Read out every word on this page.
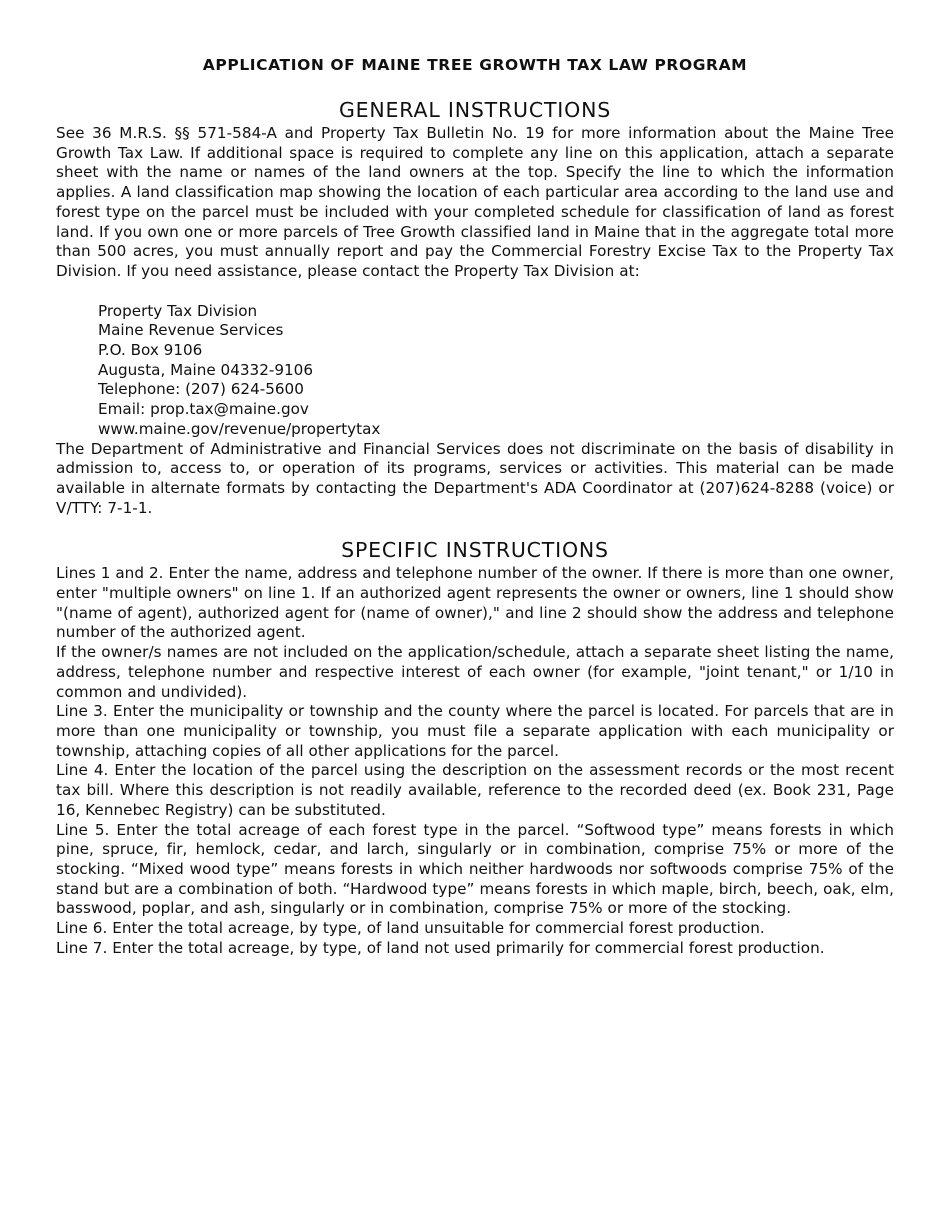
APPLICATION OF MAINE TREE GROWTH TAX LAW PROGRAM
GENERAL INSTRUCTIONS

See 36 M.R.S. §§ 571-584-A and Property Tax Bulletin No. 19 for more information about the Maine Tree Growth Tax Law. If additional space is required to complete any line on this application, attach a separate sheet with the name or names of the land owners at the top. Specify the line to which the information applies. A land classification map showing the location of each particular area according to the land use and forest type on the parcel must be included with your completed schedule for classification of land as forest land. If you own one or more parcels of Tree Growth classified land in Maine that in the aggregate total more than 500 acres, you must annually report and pay the Commercial Forestry Excise Tax to the Property Tax Division. If you need assistance, please contact the Property Tax Division at:

Property Tax Division
Maine Revenue Services
P.O. Box 9106
Augusta, Maine 04332-9106
Telephone: (207) 624-5600
Email: prop.tax@maine.gov
www.maine.gov/revenue/propertytax

The Department of Administrative and Financial Services does not discriminate on the basis of disability in admission to, access to, or operation of its programs, services or activities. This material can be made available in alternate formats by contacting the Department's ADA Coordinator at (207)624-8288 (voice) or V/TTY: 7-1-1.

SPECIFIC INSTRUCTIONS

Lines 1 and 2. Enter the name, address and telephone number of the owner. If there is more than one owner, enter "multiple owners" on line 1. If an authorized agent represents the owner or owners, line 1 should show "(name of agent), authorized agent for (name of owner)," and line 2 should show the address and telephone number of the authorized agent.

If the owner/s names are not included on the application/schedule, attach a separate sheet listing the name, address, telephone number and respective interest of each owner (for example, "joint tenant," or 1/10 in common and undivided).

Line 3. Enter the municipality or township and the county where the parcel is located. For parcels that are in more than one municipality or township, you must file a separate application with each municipality or township, attaching copies of all other applications for the parcel.

Line 4. Enter the location of the parcel using the description on the assessment records or the most recent tax bill. Where this description is not readily available, reference to the recorded deed (ex. Book 231, Page 16, Kennebec Registry) can be substituted.

Line 5. Enter the total acreage of each forest type in the parcel. “Softwood type” means forests in which pine, spruce, fir, hemlock, cedar, and larch, singularly or in combination, comprise 75% or more of the stocking. “Mixed wood type” means forests in which neither hardwoods nor softwoods comprise 75% of the stand but are a combination of both. “Hardwood type” means forests in which maple, birch, beech, oak, elm, basswood, poplar, and ash, singularly or in combination, comprise 75% or more of the stocking.

Line 6. Enter the total acreage, by type, of land unsuitable for commercial forest production.

Line 7. Enter the total acreage, by type, of land not used primarily for commercial forest production.
